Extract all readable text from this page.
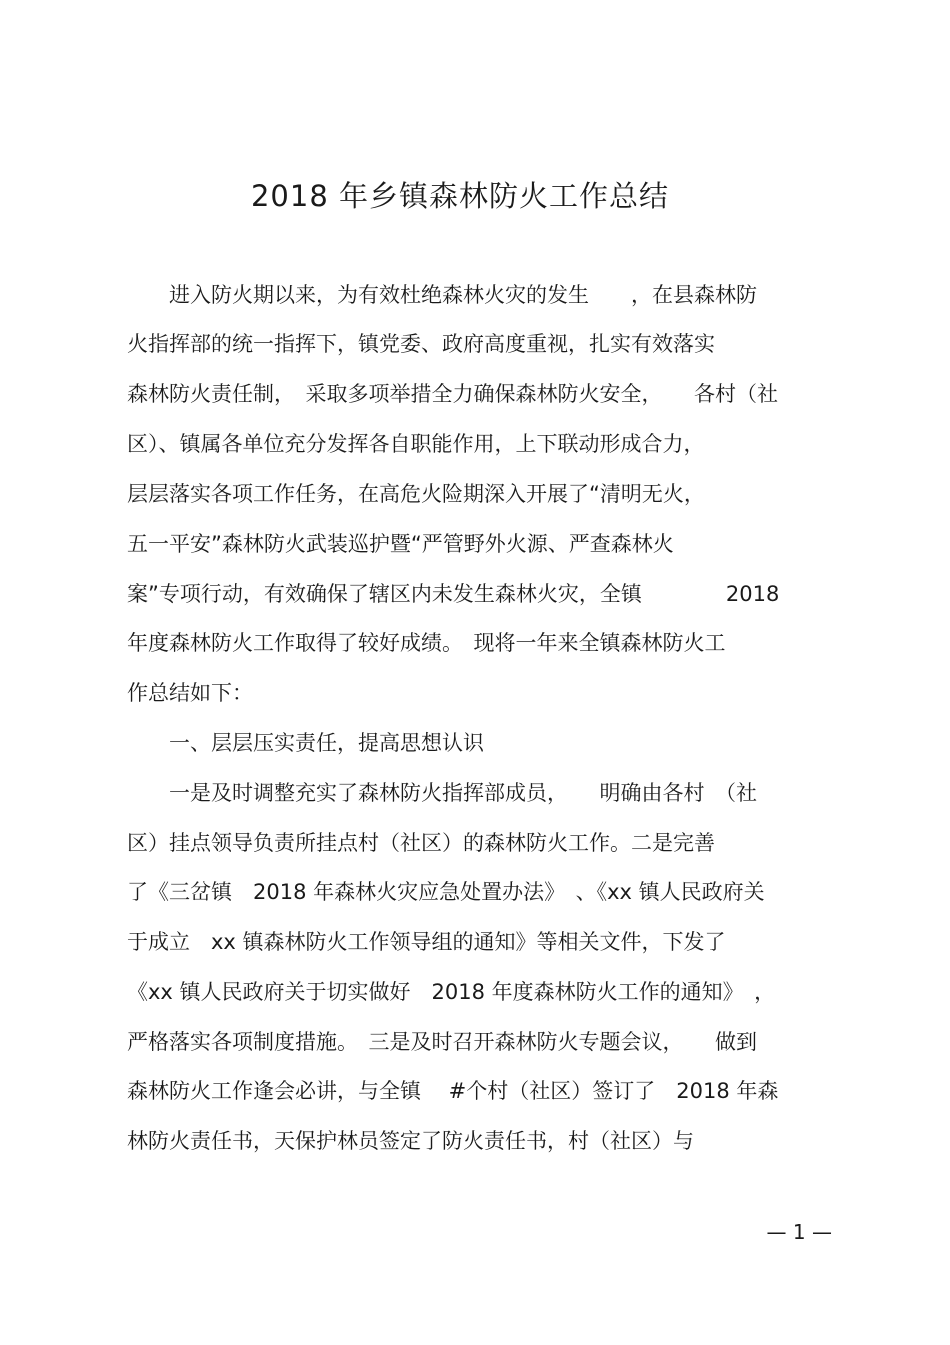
2018 年乡镇森林防火工作总结
　　进入防火期以来，为有效杜绝森林火灾的发生　　，在县森林防
火指挥部的统一指挥下，镇党委、政府高度重视，扎实有效落实
森林防火责任制，　采取多项举措全力确保森林防火安全，　　各村（社
区）、镇属各单位充分发挥各自职能作用，上下联动形成合力，
层层落实各项工作任务，在高危火险期深入开展了“清明无火，
五一平安”森林防火武装巡护暨“严管野外火源、严查森林火
案”专项行动，有效确保了辖区内未发生森林火灾，全镇　　　　2018
年度森林防火工作取得了较好成绩。　现将一年来全镇森林防火工
作总结如下：
　　一、层层压实责任，提高思想认识
　　一是及时调整充实了森林防火指挥部成员，　　明确由各村　（社
区）挂点领导负责所挂点村（社区）的森林防火工作。二是完善
了《三岔镇　2018 年森林火灾应急处置办法》　、《xx 镇人民政府关
于成立　xx 镇森林防火工作领导组的通知》等相关文件，下发了
《xx 镇人民政府关于切实做好　2018 年度森林防火工作的通知》　，
严格落实各项制度措施。　三是及时召开森林防火专题会议，　　做到
森林防火工作逢会必讲，与全镇　 #个村（社区）签订了　2018 年森
林防火责任书，天保护林员签定了防火责任书，村（社区）与
— 1 —
